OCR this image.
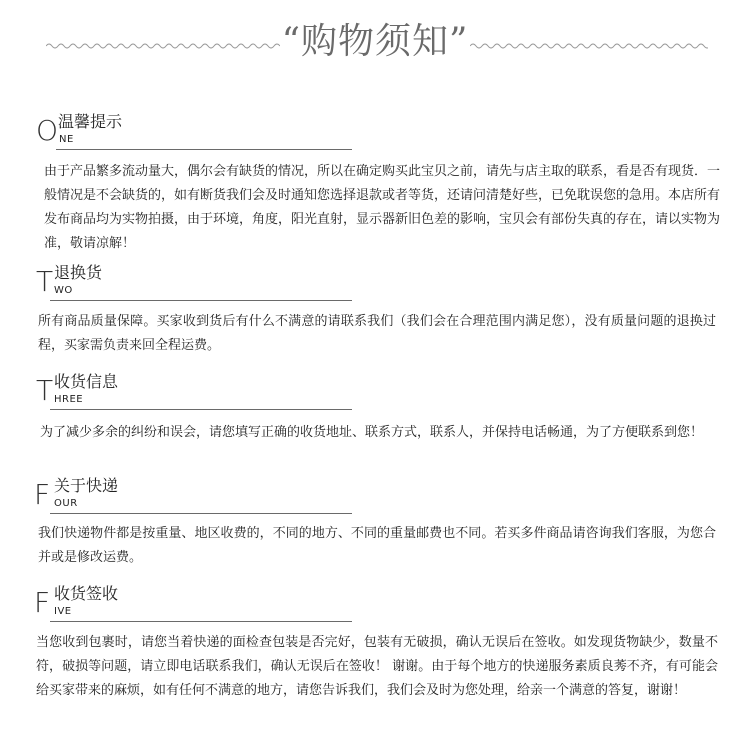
“购物须知”
O 温馨提示
NE
由于产品繁多流动量大，偶尔会有缺货的情况，所以在确定购买此宝贝之前，请先与店主取的联系，看是否有现货．一般情况是不会缺货的，如有断货我们会及时通知您选择退款或者等货，还请问清楚好些，已免耽误您的急用。本店所有发布商品均为实物拍摄，由于环境，角度，阳光直射，显示器新旧色差的影响，宝贝会有部份失真的存在，请以实物为准，敬请凉解！
T 退换货
WO
所有商品质量保障。买家收到货后有什么不满意的请联系我们（我们会在合理范围内满足您），没有质量问题的退换过程，买家需负责来回全程运费。
T 收货信息
HREE
为了减少多余的纠纷和误会，请您填写正确的收货地址、联系方式，联系人，并保持电话畅通，为了方便联系到您！
F 关于快递
OUR
我们快递物件都是按重量、地区收费的，不同的地方、不同的重量邮费也不同。若买多件商品请咨询我们客服，为您合并或是修改运费。
F 收货签收
IVE
当您收到包裹时，请您当着快递的面检查包装是否完好，包装有无破损，确认无误后在签收。如发现货物缺少，数量不符，破损等问题，请立即电话联系我们，确认无误后在签收！ 谢谢。由于每个地方的快递服务素质良莠不齐，有可能会给买家带来的麻烦，如有任何不满意的地方，请您告诉我们，我们会及时为您处理，给亲一个满意的答复，谢谢！
